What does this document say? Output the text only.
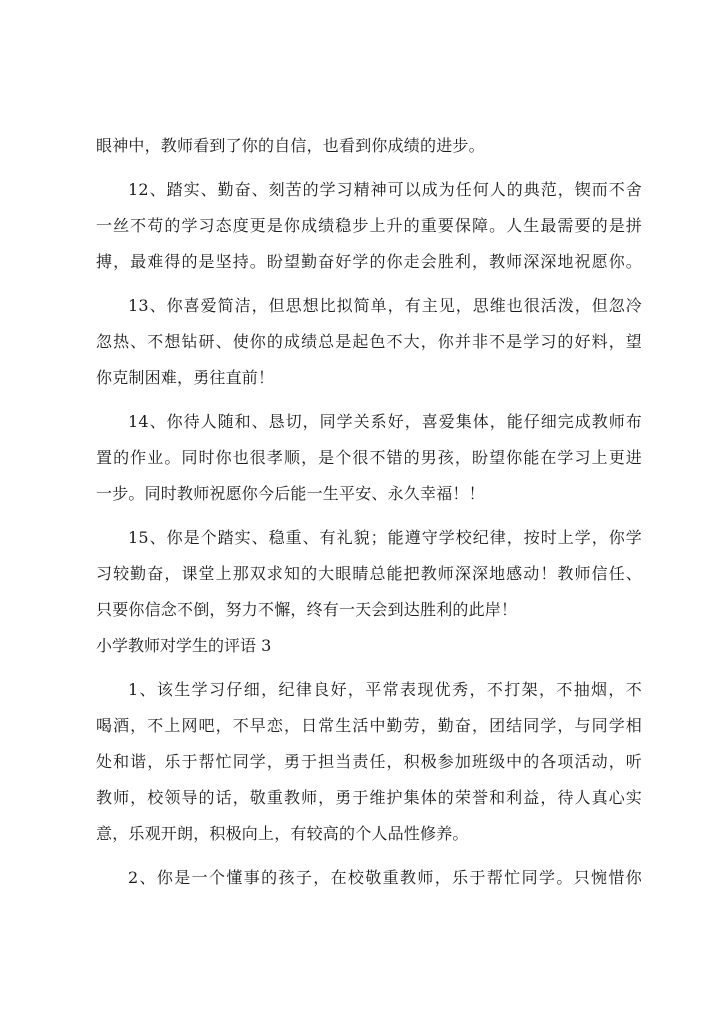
眼神中，教师看到了你的自信，也看到你成绩的进步。
12、踏实、勤奋、刻苦的学习精神可以成为任何人的典范，锲而不舍
一丝不苟的学习态度更是你成绩稳步上升的重要保障。人生最需要的是拼
搏，最难得的是坚持。盼望勤奋好学的你走会胜利，教师深深地祝愿你。
13、你喜爱简洁，但思想比拟简单，有主见，思维也很活泼，但忽冷
忽热、不想钻研、使你的成绩总是起色不大，你并非不是学习的好料，望
你克制困难，勇往直前！
14、你待人随和、恳切，同学关系好，喜爱集体，能仔细完成教师布
置的作业。同时你也很孝顺，是个很不错的男孩，盼望你能在学习上更进
一步。同时教师祝愿你今后能一生平安、永久幸福！！
15、你是个踏实、稳重、有礼貌；能遵守学校纪律，按时上学，你学
习较勤奋，课堂上那双求知的大眼睛总能把教师深深地感动！教师信任、
只要你信念不倒，努力不懈，终有一天会到达胜利的此岸！
小学教师对学生的评语 3
1、该生学习仔细，纪律良好，平常表现优秀，不打架，不抽烟，不
喝酒，不上网吧，不早恋，日常生活中勤劳，勤奋，团结同学，与同学相
处和谐，乐于帮忙同学，勇于担当责任，积极参加班级中的各项活动，听
教师，校领导的话，敬重教师，勇于维护集体的荣誉和利益，待人真心实
意，乐观开朗，积极向上，有较高的个人品性修养。
2、你是一个懂事的孩子，在校敬重教师，乐于帮忙同学。只惋惜你
